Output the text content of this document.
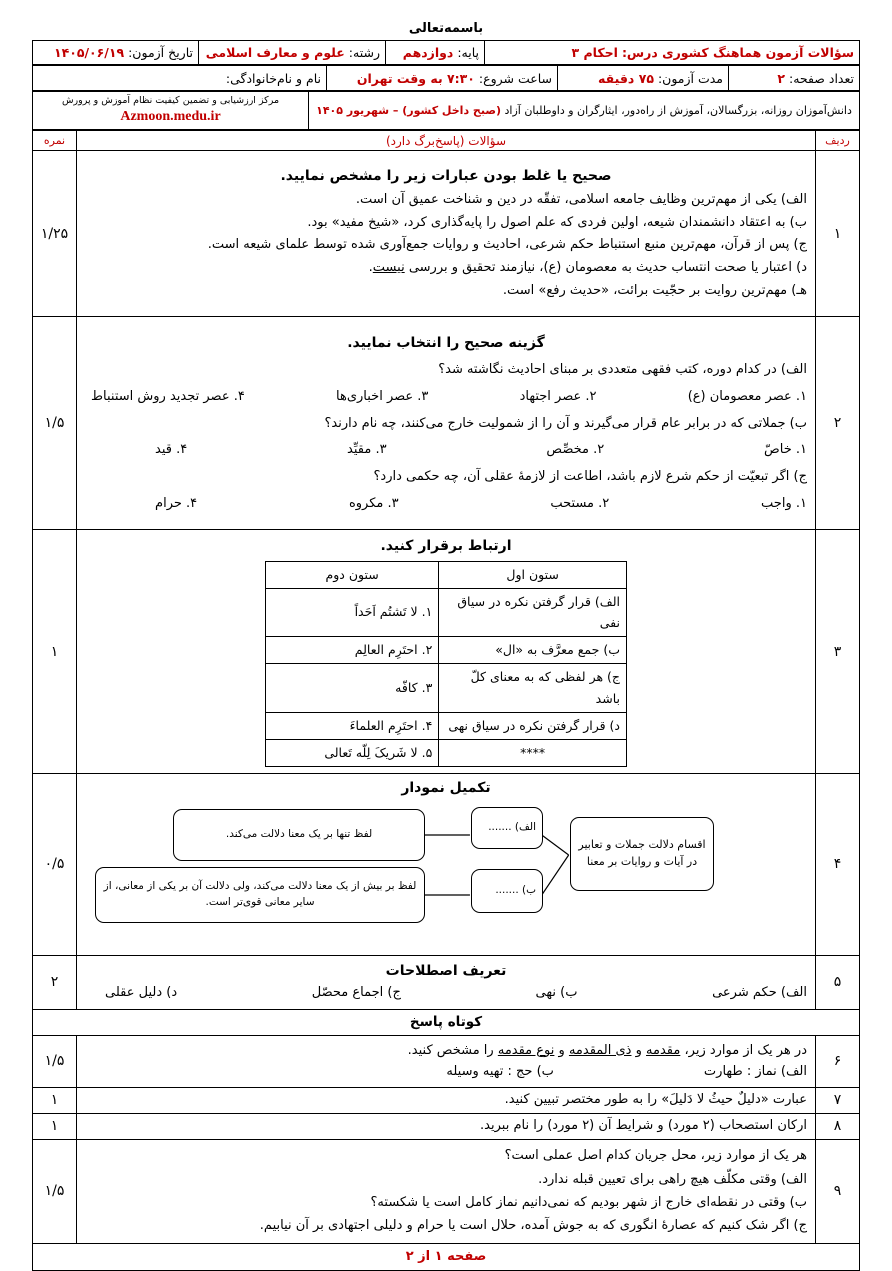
باسمه‌تعالی
سؤالات آزمون هماهنگ کشوری درس: احکام ۳	پایه: دوازدهم	رشته: علوم و معارف اسلامی	تاریخ آزمون: ۱۴۰۵/۰۶/۱۹
تعداد صفحه: ۲	مدت آزمون: ۷۵ دقیقه	ساعت شروع: ۷:۳۰ به وقت تهران	نام و نام‌خانوادگی:
دانش‌آموزان روزانه، بزرگسالان، آموزش از راه‌دور، ایثارگران و داوطلبان آزاد (صبح داخل کشور) – شهریور ۱۴۰۵	
مرکز ارزشیابی و تضمین کیفیت نظام آموزش و پرورش
Azmoon.medu.ir
ردیف	سؤالات (پاسخ‌برگ دارد)	نمره
۱	
صحیح یا غلط بودن عبارات زیر را مشخص نمایید.
الف) یکی از مهم‌ترین وظایف جامعه اسلامی، تفقّه در دین و شناخت عمیق آن است.
ب) به اعتقاد دانشمندان شیعه، اولین فردی که علم اصول را پایه‌گذاری کرد، «شیخ مفید» بود.
ج) پس از قرآن، مهم‌ترین منبع استنباط حکم شرعی، احادیث و روایات جمع‌آوری شده توسط علمای شیعه است.
د) اعتبار یا صحت انتساب حدیث به معصومان (ع)، نیازمند تحقیق و بررسی نیست.
هـ) مهم‌ترین روایت بر حجّیت برائت، «حدیث رفع» است.
	۱/۲۵
۲	
گزینه صحیح را انتخاب نمایید.
الف) در کدام دوره، کتب فقهی متعددی بر مبنای احادیث نگاشته شد؟
۱. عصر معصومان (ع)
۲. عصر اجتهاد
۳. عصر اخباری‌ها
۴. عصر تجدید روش استنباط
ب) جملاتی که در برابر عام قرار می‌گیرند و آن را از شمولیت خارج می‌کنند، چه نام دارند؟
۱. خاصّ
۲. مخصِّص
۳. مقیِّد
۴. قید
ج) اگر تبعیّت از حکم شرع لازم باشد، اطاعت از لازمهٔ عقلی آن، چه حکمی دارد؟
۱. واجب
۲. مستحب
۳. مکروه
۴. حرام
	۱/۵
۳	
ارتباط برقرار کنید.
ستون اول	ستون دوم
الف) قرار گرفتن نکره در سیاق نفی	۱. لا تَشتُم اَحَداً
ب) جمع معرَّف به «ال»	۲. احتَرِم العالِم
ج) هر لفظی که به معنای کلّ باشد	۳. کافّه
د) قرار گرفتن نکره در سیاق نهی	۴. احتَرِم العلماءَ
****	۵. لا شَریکَ لِلّه تَعالی
	۱
۴	
تکمیل نمودار
اقسام دلالت جملات و تعابیر در آیات و روایات بر معنا
الف) .......
ب) .......
لفظ تنها بر یک معنا دلالت می‌کند.
لفظ بر بیش از یک معنا دلالت می‌کند، ولی دلالت آن بر یکی از معانی، از سایر معانی قوی‌تر است.
	۰/۵
۵	
تعریف اصطلاحات
الف) حکم شرعی
ب) نهی
ج) اجماع محصّل
د) دلیل عقلی
	۲
کوتاه پاسخ
۶	
در هر یک از موارد زیر، مقدمه و ذی المقدمه و نوع مقدمه را مشخص کنید.
الف) نماز : طهارت
ب) حج : تهیه وسیله
	۱/۵
۷	عبارت «دلیلٌ حیثُ لا دَلیلَ» را به طور مختصر تبیین کنید.	۱
۸	ارکان استصحاب (۲ مورد) و شرایط آن (۲ مورد) را نام ببرید.	۱
۹	
هر یک از موارد زیر، محل جریان کدام اصل عملی است؟
الف) وقتی مکلّف هیچ راهی برای تعیین قبله ندارد.
ب) وقتی در نقطه‌ای خارج از شهر بودیم که نمی‌دانیم نماز کامل است یا شکسته؟
ج) اگر شک کنیم که عصارهٔ انگوری که به جوش آمده، حلال است یا حرام و دلیلی اجتهادی بر آن نیابیم.
	۱/۵
صفحه ۱ از ۲
